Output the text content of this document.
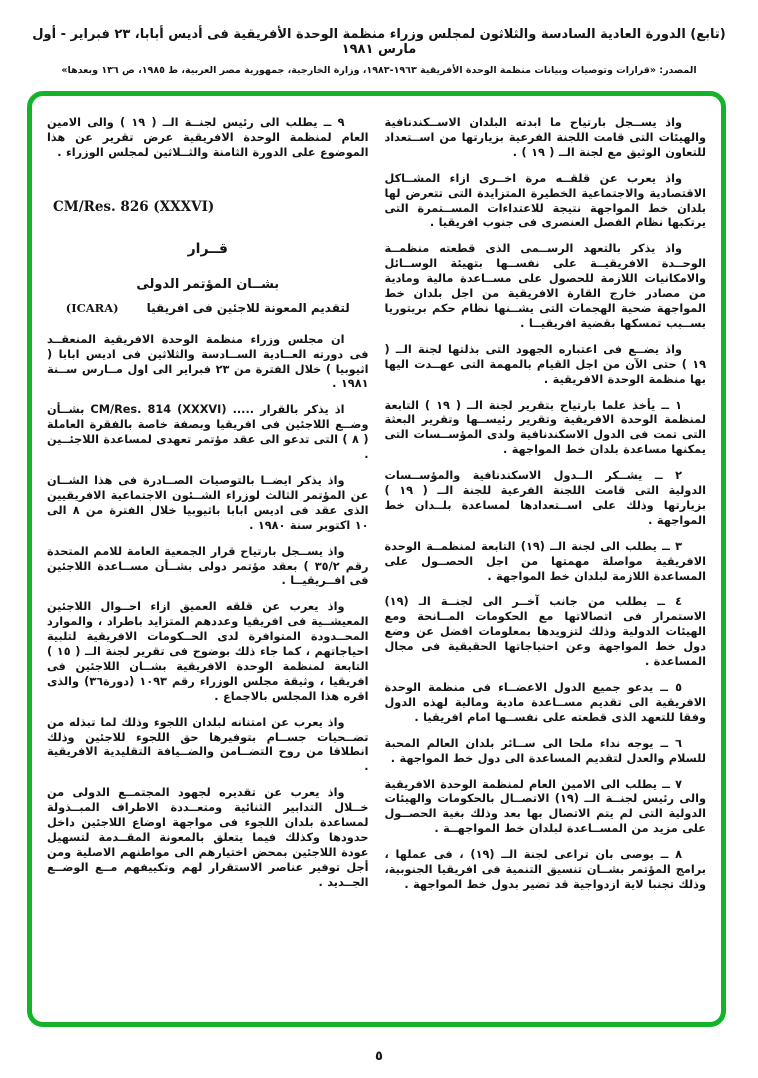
(تابع) الدورة العادية السادسة والثلاثون لمجلس وزراء منظمة الوحدة الأفريقية فى أديس أبابا، ٢٣ فبراير - أول مارس ١٩٨١
المصدر: «قرارات وتوصيات وبيانات منظمة الوحدة الأفريقية ١٩٦٣-١٩٨٣، وزارة الخارجية، جمهورية مصر العربية، ط ١٩٨٥، ص ١٣٦ وبعدها»

واذ يســجل بارتياح ما ابدته البلدان الاســكندنافية والهيئات التى قامت اللجنة الفرعية بزيارتها من اســتعداد للتعاون الوثيق مع لجنة الــ ( ١٩ ) .

واذ يعرب عن قلقــه مرة اخــرى ازاء المشــاكل الاقتصادية والاجتماعية الخطيرة المتزايدة التى تتعرض لها بلدان خط المواجهة نتيجة للاعتداءات المســتمرة التى يرتكبها نظام الفصل العنصرى فى جنوب افريقيا .

واذ يذكر بالتعهد الرســمى الذى قطعته منظمــة الوحــدة الافريقيــة على نفســها بتهيئة الوســائل والامكانيات اللازمة للحصول على مســاعدة مالية ومادية من مصادر خارج القارة الافريقية من اجل بلدان خط المواجهة ضحية الهجمات التى يشــنها نظام حكم بريتوريا بســبب تمسكها بقضية افريقيــا .

واذ يضــع فى اعتباره الجهود التى بذلتها لجنة الــ ( ١٩ ) حتى الآن من اجل القيام بالمهمة التى عهــدت اليها بها منظمة الوحدة الافريقية .

١ ــ يأخذ علما بارتياح بتقرير لجنة الــ ( ١٩ ) التابعة لمنظمة الوحدة الافريقية وتقرير رئيســها وتقرير البعثة التى تمت فى الدول الاسكندنافية ولدى المؤســسات التى يمكنها مساعدة بلدان خط المواجهة .

٢ ــ يشــكر الــدول الاسكندنافية والمؤســسات الدولية التى قامت اللجنة الفرعية للجنة الــ ( ١٩ ) بزيارتها وذلك على اســتعدادها لمساعدة بلــدان خط المواجهة .

٣ ــ يطلب الى لجنة الــ (١٩) التابعة لمنظمــة الوحدة الافريقية مواصلة مهمتها من اجل الحصــول على المساعدة اللازمة لبلدان خط المواجهة .

٤ ــ يطلب من جانب آخــر الى لجنــة الـ (١٩) الاستمرار فى اتصالاتها مع الحكومات المــانحة ومع الهيئات الدولية وذلك لتزويدها بمعلومات افضل عن وضع دول خط المواجهة وعن احتياجاتها الحقيقية فى مجال المساعدة .

٥ ــ يدعو جميع الدول الاعضــاء فى منظمة الوحدة الافريقية الى تقديم مســاعدة مادية ومالية لهذه الدول وفقا للتعهد الذى قطعته على نفســها امام افريقيا .

٦ ــ يوجه نداء ملحا الى ســائر بلدان العالم المحبة للسلام والعدل لتقديم المساعدة الى دول خط المواجهة .

٧ ــ يطلب الى الامين العام لمنظمة الوحدة الافريقية والى رئيس لجنــة الــ (١٩) الاتصــال بالحكومات والهيئات الدولية التى لم يتم الاتصال بها بعد وذلك بغية الحصــول على مزيد من المســاعدة لبلدان خط المواجهــة .

٨ ــ يوصى بان تراعى لجنة الــ (١٩) ، فى عملها ، برامج المؤتمر بشــان تنسيق التنمية فى افريقيا الجنوبية، وذلك تجنبا لاية ازدواجية قد تضير بدول خط المواجهة .

٩ ــ يطلب الى رئيس لجنــة الــ ( ١٩ ) والى الامين العام لمنظمة الوحدة الافريقية عرض تقرير عن هذا الموضوع على الدورة الثامنة والثــلاثين لمجلس الوزراء .

CM/Res. 826 (XXXVI)
قــرار
بشــان المؤتمر الدولى
لتقديم المعونة للاجئين فى افريقيا
(ICARA)

ان مجلس وزراء منظمة الوحدة الافريقية المنعقــد فى دورته العــادية الســادسة والثلاثين فى اديس ابابا ( اثيوبيا ) خلال الفترة من ٢٣ فبراير الى اول مــارس ســنة ١٩٨١ .

اذ يذكر بالقرار ..... CM/Res. 814 (XXXVI) بشــأن وضــع اللاجئين فى افريقيا وبصفة خاصة بالفقرة العاملة ( ٨ ) التى تدعو الى عقد مؤتمر تعهدى لمساعدة اللاجئــين .

واذ يذكر ايضــا بالتوصيات الصــادرة فى هذا الشــان عن المؤتمر الثالث لوزراء الشــئون الاجتماعية الافريقيين الذى عقد فى اديس ابابا باثيوبيا خلال الفترة من ٨ الى ١٠ اكتوبر سنة ١٩٨٠ .

واذ يســجل بارتياح قرار الجمعية العامة للامم المتحدة رقم ٣٥/٢ ) بعقد مؤتمر دولى بشــأن مســاعدة اللاجئين فى افــريقيــا .

واذ يعرب عن قلقه العميق ازاء احــوال اللاجئين المعيشــية فى افريقيا وعددهم المتزايد باطراد ، والموارد المحــدودة المتوافرة لدى الحــكومات الافريقية لتلبية احياجاتهم ، كما جاء ذلك بوضوح فى تقرير لجنة الــ ( ١٥ ) التابعة لمنظمة الوحدة الافريقية بشــان اللاجئين فى افريقيا ، وثيقة مجلس الوزراء رقم ١٠٩٣ (دورة٣٦) والذى اقره هذا المجلس بالاجماع .

واذ يعرب عن امتنانه لبلدان اللجوء وذلك لما تبذله من تضــحيات جســام بتوفيرها حق اللجوء للاجئين وذلك انطلاقا من روح التضــامن والضــيافة التقليدية الافريقية .

واذ يعرب عن تقديره لجهود المجتمــع الدولى من خــلال التدابير الثنائية ومتعــددة الاطراف المبــذولة لمساعدة بلدان اللجوء فى مواجهة اوضاع اللاجئين داخل حدودها وكذلك فيما يتعلق بالمعونة المقــدمة لتسهيل عودة اللاجئين بمحض اختيارهم الى مواطنهم الاصلية ومن أجل توفير عناصر الاستقرار لهم وتكييفهم مــع الوضــع الجــديد .

٥
